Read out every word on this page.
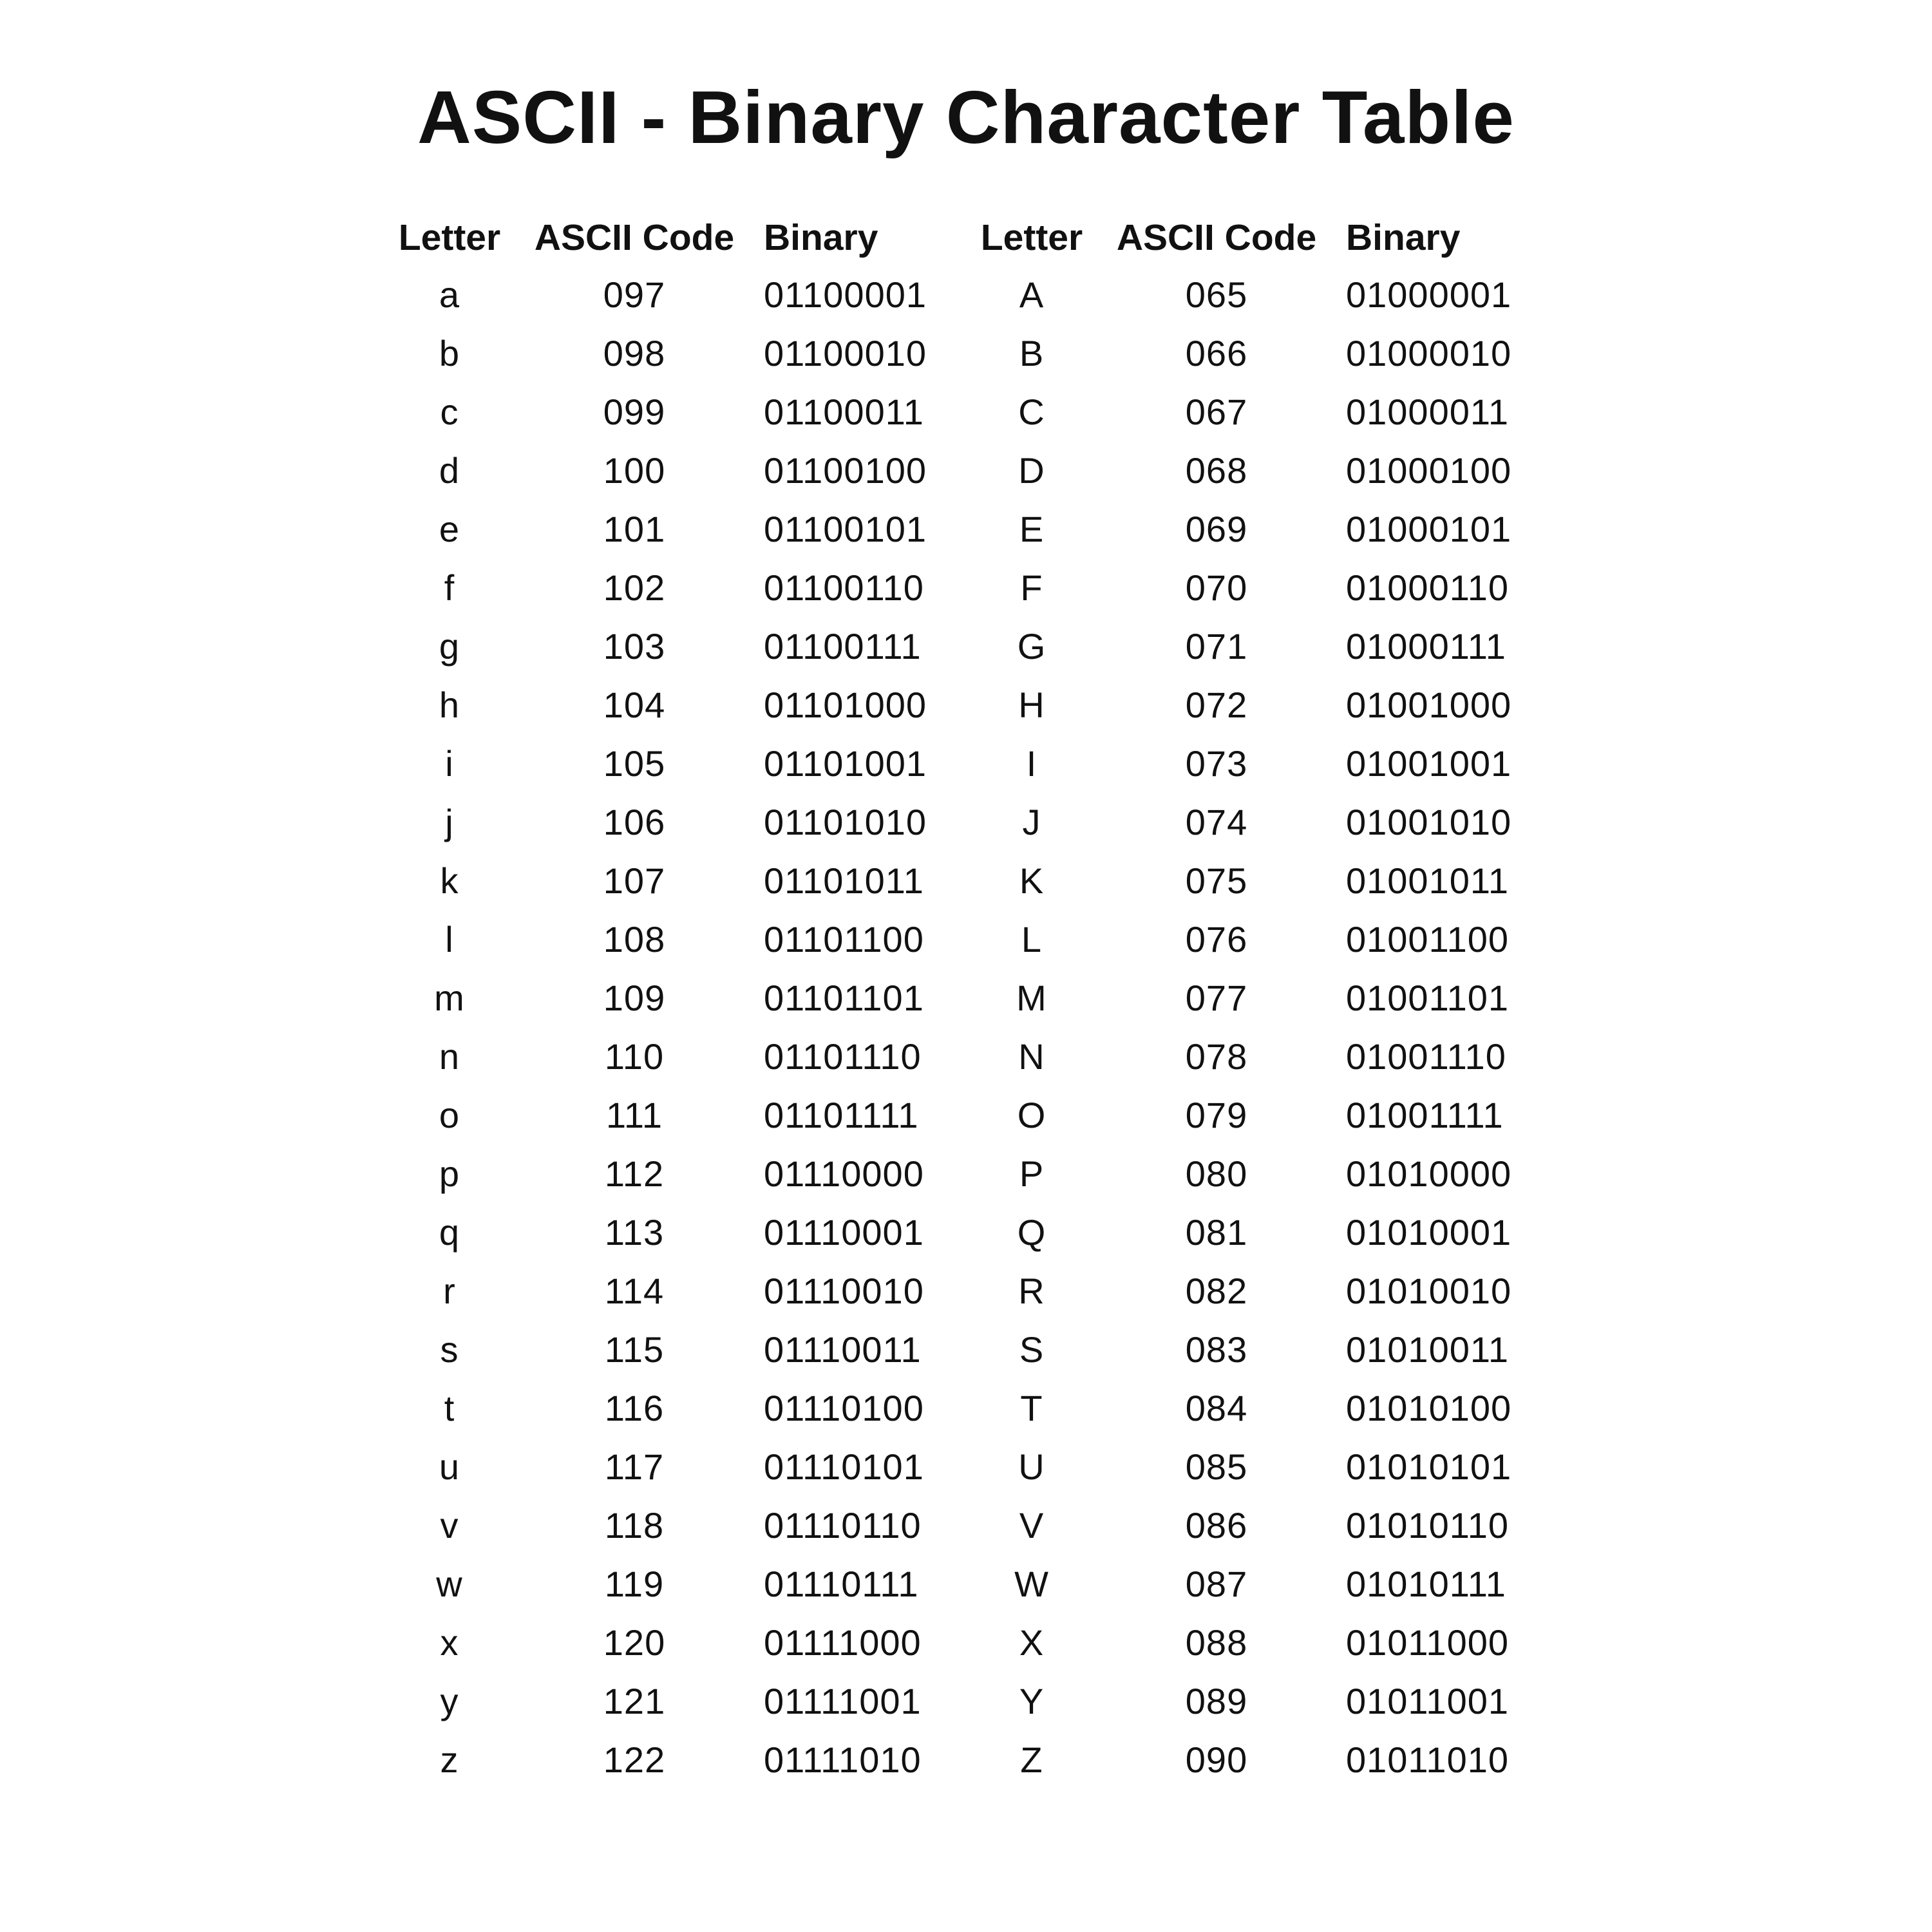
ASCII - Binary Character Table
Letter	ASCII Code	Binary	Letter	ASCII Code	Binary
a	097	01100001	A	065	01000001
b	098	01100010	B	066	01000010
c	099	01100011	C	067	01000011
d	100	01100100	D	068	01000100
e	101	01100101	E	069	01000101
f	102	01100110	F	070	01000110
g	103	01100111	G	071	01000111
h	104	01101000	H	072	01001000
i	105	01101001	I	073	01001001
j	106	01101010	J	074	01001010
k	107	01101011	K	075	01001011
l	108	01101100	L	076	01001100
m	109	01101101	M	077	01001101
n	110	01101110	N	078	01001110
o	111	01101111	O	079	01001111
p	112	01110000	P	080	01010000
q	113	01110001	Q	081	01010001
r	114	01110010	R	082	01010010
s	115	01110011	S	083	01010011
t	116	01110100	T	084	01010100
u	117	01110101	U	085	01010101
v	118	01110110	V	086	01010110
w	119	01110111	W	087	01010111
x	120	01111000	X	088	01011000
y	121	01111001	Y	089	01011001
z	122	01111010	Z	090	01011010
